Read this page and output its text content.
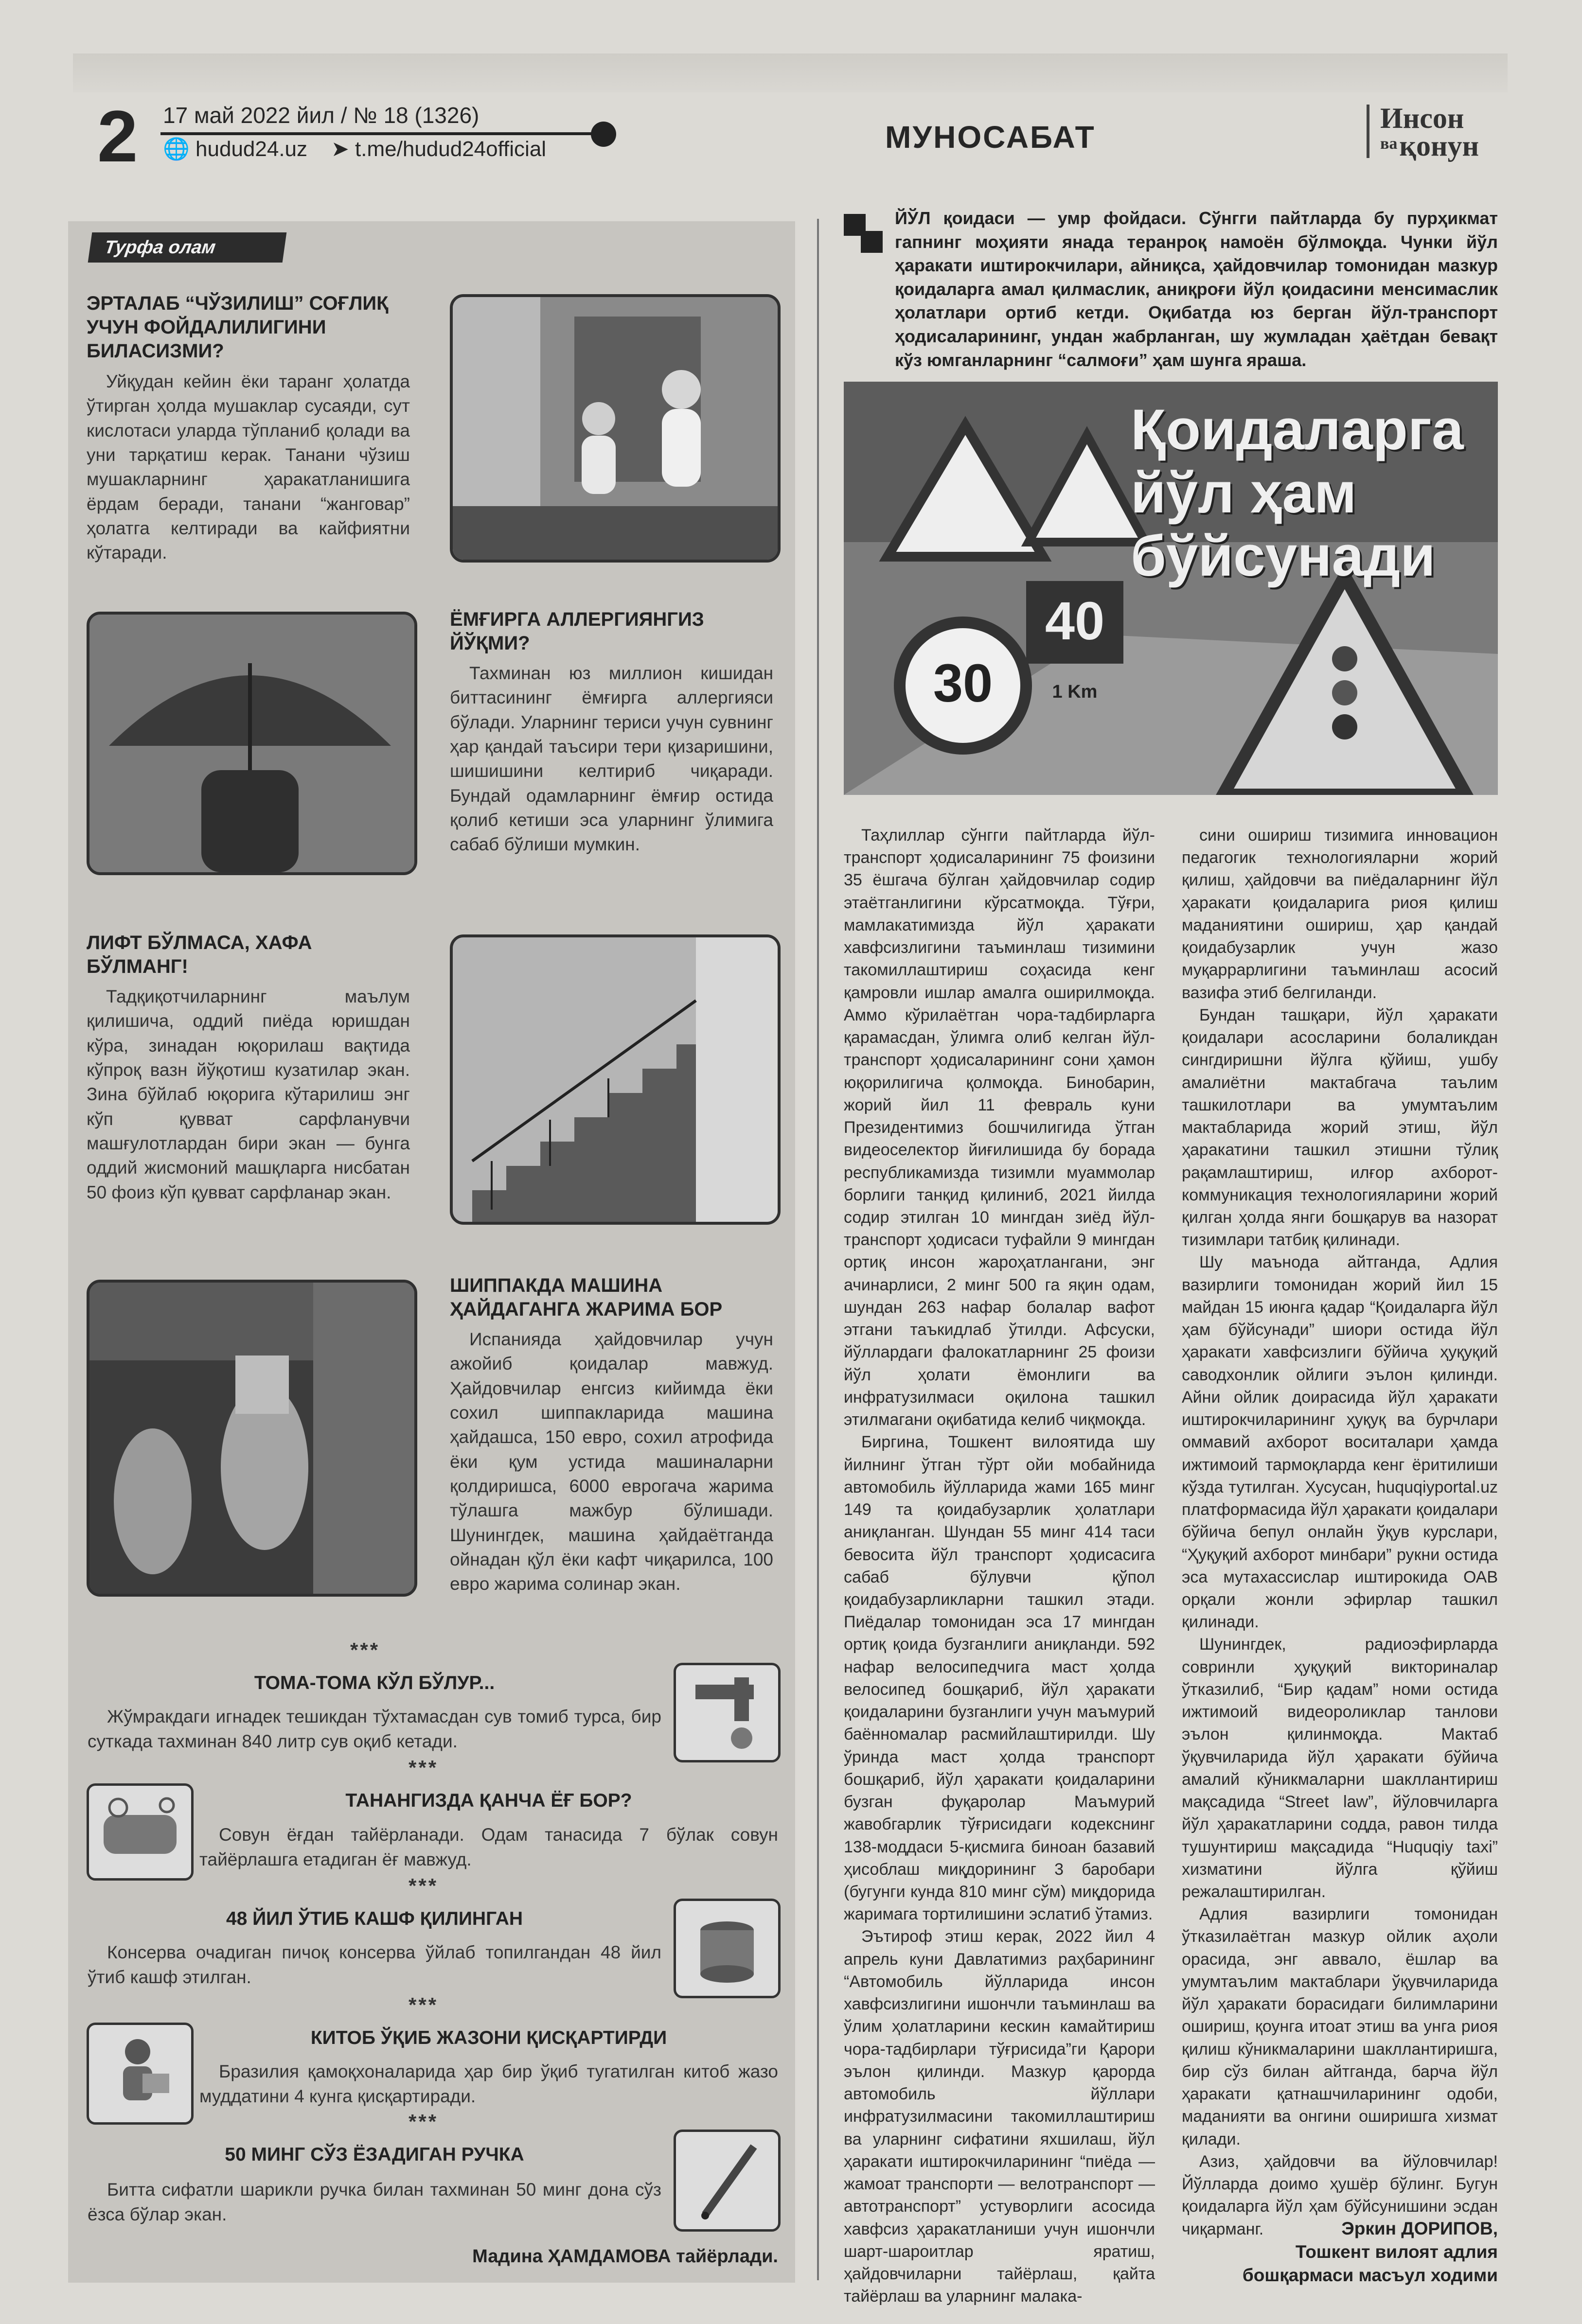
2 17 май 2022 йил / № 18 (1326)
🌐 hudud24.uz ➤ t.me/hudud24official	МУНОСАБАТ
Инсон
ва қонун
Турфа олам
ЭРТАЛАБ “ЧЎЗИЛИШ” СОҒЛИҚ УЧУН ФОЙДАЛИЛИГИНИ БИЛАСИЗМИ?
Уйқудан кейин ёки таранг ҳолатда ўтирган ҳолда мушаклар сусаяди, сут кислотаси уларда тўпланиб қолади ва уни тарқатиш керак. Танани чўзиш мушакларнинг ҳаракатланишига ёрдам беради, танани “жанговар” ҳолатга келтиради ва кайфиятни кўтаради.
ЁМҒИРГА АЛЛЕРГИЯНГИЗ ЙЎҚМИ?
Тахминан юз миллион кишидан биттасининг ёмғирга аллергияси бўлади. Уларнинг териси учун сувнинг ҳар қандай таъсири тери қизаришини, шишишини келтириб чиқаради. Бундай одамларнинг ёмғир остида қолиб кетиши эса уларнинг ўлимига сабаб бўлиши мумкин.
ЛИФТ БЎЛМАСА, ХАФА БЎЛМАНГ!
Тадқиқотчиларнинг маълум қилишича, оддий пиёда юришдан кўра, зинадан юқорилаш вақтида кўпроқ вазн йўқотиш кузатилар экан. Зина бўйлаб юқорига кўтарилиш энг кўп қувват сарфланувчи машғулотлардан бири экан — бунга оддий жисмоний машқларга нисбатан 50 фоиз кўп қувват сарфланар экан.
ШИППАКДА МАШИНА ҲАЙДАГАНГА ЖАРИМА БОР
Испанияда ҳайдовчилар учун ажойиб қоидалар мавжуд. Ҳайдовчилар енгсиз кийимда ёки сохил шиппакларида машина ҳайдашса, 150 евро, сохил атрофида ёки қум устида машиналарни қолдиришса, 6000 еврогача жарима тўлашга мажбур бўлишади. Шунингдек, машина ҳайдаётганда ойнадан қўл ёки кафт чиқарилса, 100 евро жарима солинар экан.
***
ТОМА-ТОМА КЎЛ БЎЛУР...
Жўмракдаги игнадек тешикдан тўхтамасдан сув томиб турса, бир суткада тахминан 840 литр сув оқиб кетади.
***
ТАНАНГИЗДА ҚАНЧА ЁҒ БОР?
Совун ёғдан тайёрланади. Одам танасида 7 бўлак совун тайёрлашга етадиган ёғ мавжуд.
***
48 ЙИЛ ЎТИБ КАШФ ҚИЛИНГАН
Консерва очадиган пичоқ консерва ўйлаб топилгандан 48 йил ўтиб кашф этилган.
***
КИТОБ ЎҚИБ ЖАЗОНИ ҚИСҚАРТИРДИ
Бразилия қамоқхоналарида ҳар бир ўқиб тугатилган китоб жазо муддатини 4 кунга қисқартиради.
***
50 МИНГ СЎЗ ЁЗАДИГАН РУЧКА
Битта сифатли шарикли ручка билан тахминан 50 минг дона сўз ёзса бўлар экан.
Мадина ҲАМДАМОВА тайёрлади.
ЙЎЛ қоидаси — умр фойдаси. Сўнгги пайтларда бу пурҳикмат гапнинг моҳияти янада теранроқ намоён бўлмоқда. Чунки йўл ҳаракати иштирокчилари, айниқса, ҳайдовчилар томонидан мазкур қоидаларга амал қилмаслик, аниқроғи йўл қоидасини менсимаслик ҳолатлари ортиб кетди. Оқибатда юз берган йўл-транспорт ҳодисаларининг, ундан жабрланган, шу жумладан ҳаётдан бевақт кўз юмганларнинг “салмоғи” ҳам шунга яраша.
30
40
1 Km
Қоидаларга йўл ҳам бўйсунади

Таҳлиллар сўнгги пайтларда йўл-транспорт ҳодисаларининг 75 фоизини 35 ёшгача бўлган ҳайдовчилар содир этаётганлигини кўрсатмоқда. Тўғри, мамлакатимизда йўл ҳаракати хавфсизлигини таъминлаш тизимини такомиллаштириш соҳасида кенг қамровли ишлар амалга оширилмоқда. Аммо кўрилаётган чора-тадбирларга қарамасдан, ўлимга олиб келган йўл-транспорт ҳодисаларининг сони ҳамон юқорилигича қолмоқда. Бинобарин, жорий йил 11 февраль куни Президентимиз бошчилигида ўтган видеоселектор йиғилишида бу борада республикамизда тизимли муаммолар борлиги танқид қилиниб, 2021 йилда содир этилган 10 мингдан зиёд йўл-транспорт ҳодисаси туфайли 9 мингдан ортиқ инсон жароҳатлангани, энг ачинарлиси, 2 минг 500 га яқин одам, шундан 263 нафар болалар вафот этгани таъкидлаб ўтилди. Афсуски, йўллардаги фалокатларнинг 25 фоизи йўл ҳолати ёмонлиги ва инфратузилмаси оқилона ташкил этилмагани оқибатида келиб чиқмоқда.

Биргина, Тошкент вилоятида шу йилнинг ўтган тўрт ойи мобайнида автомобиль йўлларида жами 165 минг 149 та қоидабузарлик ҳолатлари аниқланган. Шундан 55 минг 414 таси бевосита йўл транспорт ҳодисасига сабаб бўлувчи қўпол қоидабузарликларни ташкил этади. Пиёдалар томонидан эса 17 мингдан ортиқ қоида бузганлиги аниқланди. 592 нафар велосипедчига маст ҳолда велосипед бошқариб, йўл ҳаракати қоидаларини бузганлиги учун маъмурий баённомалар расмийлаштирилди. Шу ўринда маст ҳолда транспорт бошқариб, йўл ҳаракати қоидаларини бузган фуқаролар Маъмурий жавобгарлик тўғрисидаги кодекснинг 138-моддаси 5-қисмига биноан базавий ҳисоблаш миқдорининг 3 баробари (бугунги кунда 810 минг сўм) миқдорида жаримага тортилишини эслатиб ўтамиз.

Эътироф этиш керак, 2022 йил 4 апрель куни Давлатимиз раҳбарининг “Автомобиль йўлларида инсон хавфсизлигини ишончли таъминлаш ва ўлим ҳолатларини кескин камайтириш чора-тадбирлари тўғрисида”ги Қарори эълон қилинди. Мазкур қарорда автомобиль йўллари инфратузилмасини такомиллаштириш ва уларнинг сифатини яхшилаш, йўл ҳаракати иштирокчиларининг “пиёда — жамоат транспорти — велотранспорт — автотранспорт” устуворлиги асосида хавфсиз ҳаракатланиши учун ишончли шарт-шароитлар яратиш, ҳайдовчиларни тайёрлаш, қайта тайёрлаш ва уларнинг малака-

сини ошириш тизимига инновацион педагогик технологияларни жорий қилиш, ҳайдовчи ва пиёдаларнинг йўл ҳаракати қоидаларига риоя қилиш маданиятини ошириш, ҳар қандай қоидабузарлик учун жазо муқаррарлигини таъминлаш асосий вазифа этиб белгиланди.

Бундан ташқари, йўл ҳаракати қоидалари асосларини болаликдан сингдиришни йўлга қўйиш, ушбу амалиётни мактабгача таълим ташкилотлари ва умумтаълим мактабларида жорий этиш, йўл ҳаракатини ташкил этишни тўлиқ рақамлаштириш, илғор ахборот-коммуникация технологияларини жорий қилган ҳолда янги бошқарув ва назорат тизимлари татбиқ қилинади.

Шу маънода айтганда, Адлия вазирлиги томонидан жорий йил 15 майдан 15 июнга қадар “Қоидаларга йўл ҳам бўйсунади” шиори остида йўл ҳаракати хавфсизлиги бўйича ҳуқуқий саводхонлик ойлиги эълон қилинди. Айни ойлик доирасида йўл ҳаракати иштирокчиларининг ҳуқуқ ва бурчлари оммавий ахборот воситалари ҳамда ижтимоий тармоқларда кенг ёритилиши кўзда тутилган. Хусусан, huquqiyportal.uz платформасида йўл ҳаракати қоидалари бўйича бепул онлайн ўқув курслари, “Ҳуқуқий ахборот минбари” рукни остида эса мутахассислар иштирокида ОАВ орқали жонли эфирлар ташкил қилинади.

Шунингдек, радиоэфирларда совринли ҳуқуқий викториналар ўтказилиб, “Бир қадам” номи остида ижтимоий видеороликлар танлови эълон қилинмоқда. Мактаб ўқувчиларида йўл ҳаракати бўйича амалий кўникмаларни шакллантириш мақсадида “Street law”, йўловчиларга йўл ҳаракатларини содда, равон тилда тушунтириш мақсадида “Huquqiy taxi” хизматини йўлга қўйиш режалаштирилган.

Адлия вазирлиги томонидан ўтказилаётган мазкур ойлик аҳоли орасида, энг аввало, ёшлар ва умумтаълим мактаблари ўқувчиларида йўл ҳаракати борасидаги билимларини ошириш, қоунга итоат этиш ва унга риоя қилиш кўникмаларини шакллантиришга, бир сўз билан айтганда, барча йўл ҳаракати қатнашчиларининг одоби, маданияти ва онгини оширишга хизмат қилади.

Азиз, ҳайдовчи ва йўловчилар! Йўлларда доимо ҳушёр бўлинг. Бугун қоидаларга йўл ҳам бўйсунишини эсдан чиқарманг.	Эркин ДОРИПОВ,
Тошкент вилоят адлия бошқармаси масъул ходими
